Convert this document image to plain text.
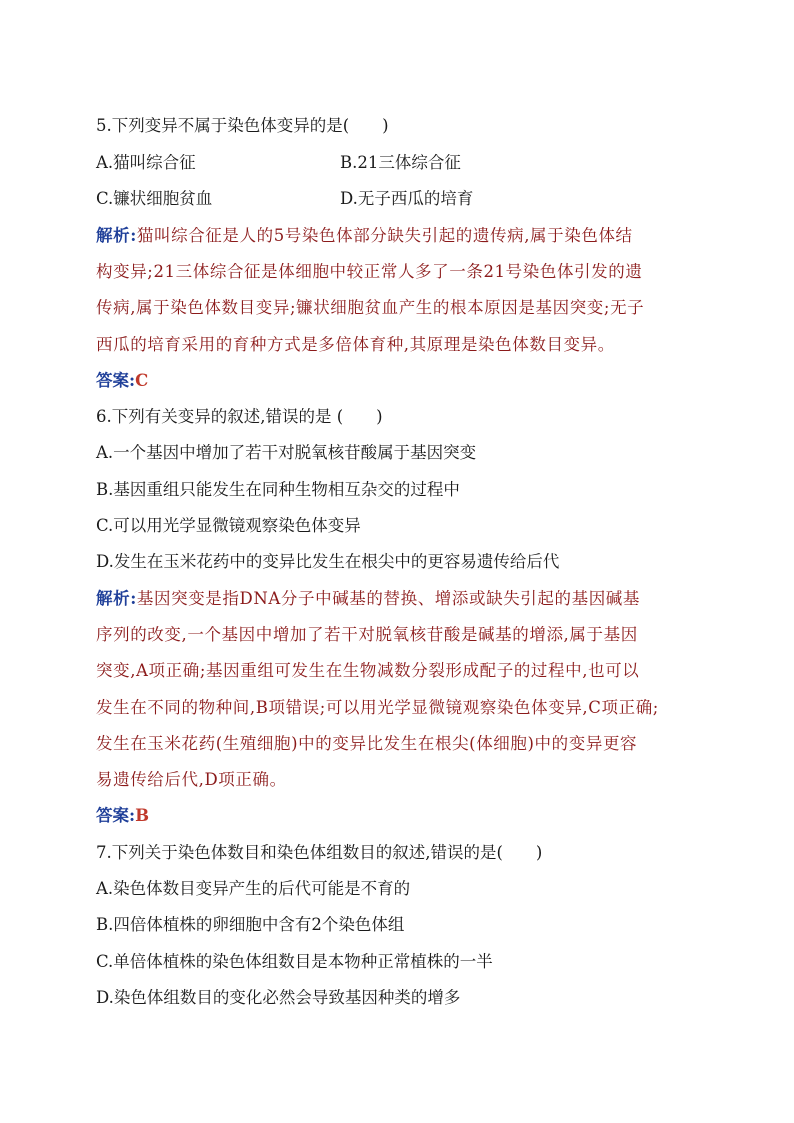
5.下列变异不属于染色体变异的是(　　)
A.猫叫综合征	B.21三体综合征
C.镰状细胞贫血	D.无子西瓜的培育
解析:猫叫综合征是人的5号染色体部分缺失引起的遗传病,属于染色体结
构变异;21三体综合征是体细胞中较正常人多了一条21号染色体引发的遗
传病,属于染色体数目变异;镰状细胞贫血产生的根本原因是基因突变;无子
西瓜的培育采用的育种方式是多倍体育种,其原理是染色体数目变异。
答案:C
6.下列有关变异的叙述,错误的是 (　　)
A.一个基因中增加了若干对脱氧核苷酸属于基因突变
B.基因重组只能发生在同种生物相互杂交的过程中
C.可以用光学显微镜观察染色体变异
D.发生在玉米花药中的变异比发生在根尖中的更容易遗传给后代
解析:基因突变是指DNA分子中碱基的替换、增添或缺失引起的基因碱基
序列的改变,一个基因中增加了若干对脱氧核苷酸是碱基的增添,属于基因
突变,A项正确;基因重组可发生在生物减数分裂形成配子的过程中,也可以
发生在不同的物种间,B项错误;可以用光学显微镜观察染色体变异,C项正确;
发生在玉米花药(生殖细胞)中的变异比发生在根尖(体细胞)中的变异更容
易遗传给后代,D项正确。
答案:B
7.下列关于染色体数目和染色体组数目的叙述,错误的是(　　)
A.染色体数目变异产生的后代可能是不育的
B.四倍体植株的卵细胞中含有2个染色体组
C.单倍体植株的染色体组数目是本物种正常植株的一半
D.染色体组数目的变化必然会导致基因种类的增多
